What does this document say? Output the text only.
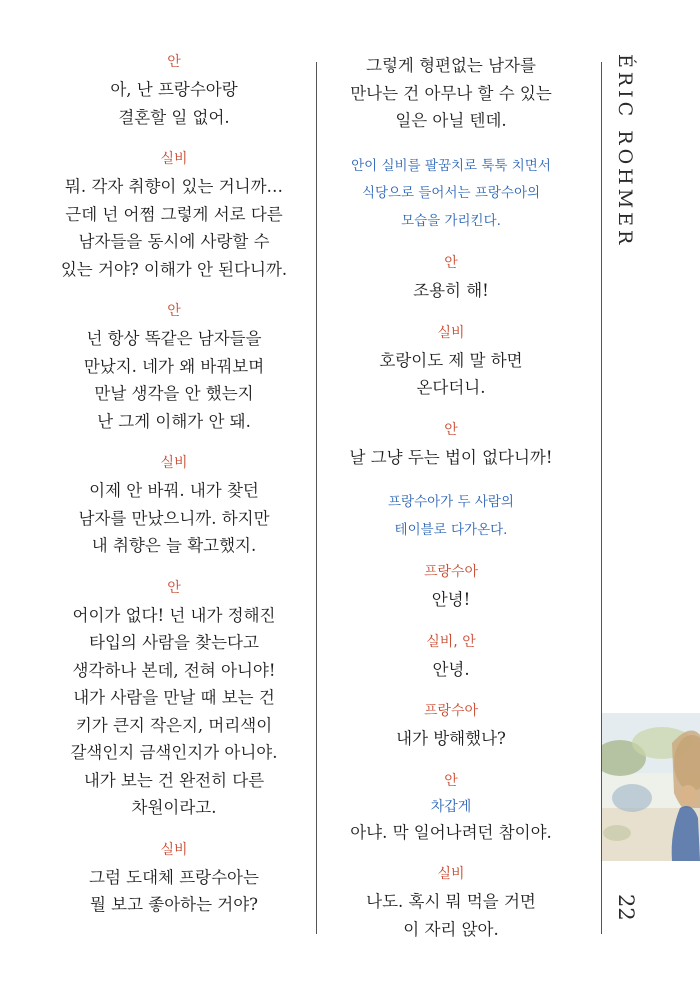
안
아, 난 프랑수아랑
결혼할 일 없어.
실비
뭐. 각자 취향이 있는 거니까…
근데 넌 어쩜 그렇게 서로 다른
남자들을 동시에 사랑할 수
있는 거야? 이해가 안 된다니까.
안
넌 항상 똑같은 남자들을
만났지. 네가 왜 바꿔보며
만날 생각을 안 했는지
난 그게 이해가 안 돼.
실비
이제 안 바꿔. 내가 찾던
남자를 만났으니까. 하지만
내 취향은 늘 확고했지.
안
어이가 없다! 넌 내가 정해진
타입의 사람을 찾는다고
생각하나 본데, 전혀 아니야!
내가 사람을 만날 때 보는 건
키가 큰지 작은지, 머리색이
갈색인지 금색인지가 아니야.
내가 보는 건 완전히 다른
차원이라고.
실비
그럼 도대체 프랑수아는
뭘 보고 좋아하는 거야?
그렇게 형편없는 남자를
만나는 건 아무나 할 수 있는
일은 아닐 텐데.
안이 실비를 팔꿈치로 툭툭 치면서
식당으로 들어서는 프랑수아의
모습을 가리킨다.
안
조용히 해!
실비
호랑이도 제 말 하면
온다더니.
안
날 그냥 두는 법이 없다니까!
프랑수아가 두 사람의
테이블로 다가온다.
프랑수아
안녕!
실비, 안
안녕.
프랑수아
내가 방해했나?
안
차갑게
아냐. 막 일어나려던 참이야.
실비
나도. 혹시 뭐 먹을 거면
이 자리 앉아.
ÉRIC ROHMER
22
